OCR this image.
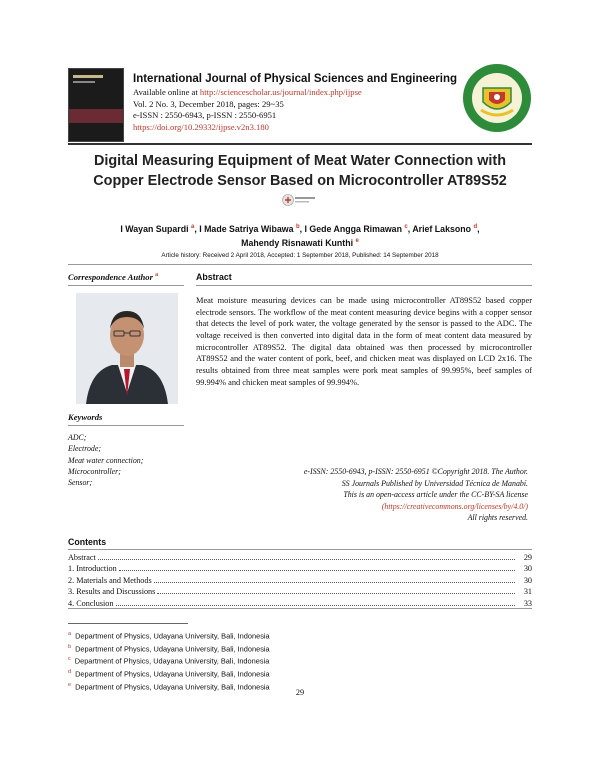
International Journal of Physical Sciences and Engineering
Available online at http://sciencescholar.us/journal/index.php/ijpse
Vol. 2 No. 3, December 2018, pages: 29~35
e-ISSN : 2550-6943, p-ISSN : 2550-6951
https://doi.org/10.29332/ijpse.v2n3.180
Digital Measuring Equipment of Meat Water Connection with
Copper Electrode Sensor Based on Microcontroller AT89S52
I Wayan Supardi $^a$, I Made Satriya Wibawa $^b$, I Gede Angga Rimawan $^c$, Arief Laksono $^d$,
Mahendy Risnawati Kunthi $^e$
Article history: Received 2 April 2018, Accepted: 1 September 2018, Published: 14 September 2018
Correspondence Author $^a$	Abstract
Meat moisture measuring devices can be made using microcontroller AT89S52 based copper electrode sensors. The workflow of the meat content measuring device begins with a copper sensor that detects the level of pork water, the voltage generated by the sensor is passed to the ADC. The voltage received is then converted into digital data in the form of meat content data measured by microcontroller AT89S52. The digital data obtained was then processed by microcontroller AT89S52 and the water content of pork, beef, and chicken meat was displayed on LCD 2x16. The results obtained from three meat samples were pork meat samples of 99.995%, beef samples of 99.994% and chicken meat samples of 99.994%.
Keywords
ADC;
Electrode;
Meat water connection;
Microcontroller;
Sensor;
e-ISSN: 2550-6943, p-ISSN: 2550-6951 ©Copyright 2018. The Author.
SS Journals Published by Universidad Técnica de Manabí.
This is an open-access article under the CC-BY-SA license
(https://creativecommons.org/licenses/by/4.0/)
All rights reserved.
Contents
Abstract	29
1. Introduction	30
2. Materials and Methods	30
3. Results and Discussions	31
4. Conclusion	33
$^a$ Department of Physics, Udayana University, Bali, Indonesia
$^b$ Department of Physics, Udayana University, Bali, Indonesia
$^c$ Department of Physics, Udayana University, Bali, Indonesia
$^d$ Department of Physics, Udayana University, Bali, Indonesia
$^e$ Department of Physics, Udayana University, Bali, Indonesia
29
